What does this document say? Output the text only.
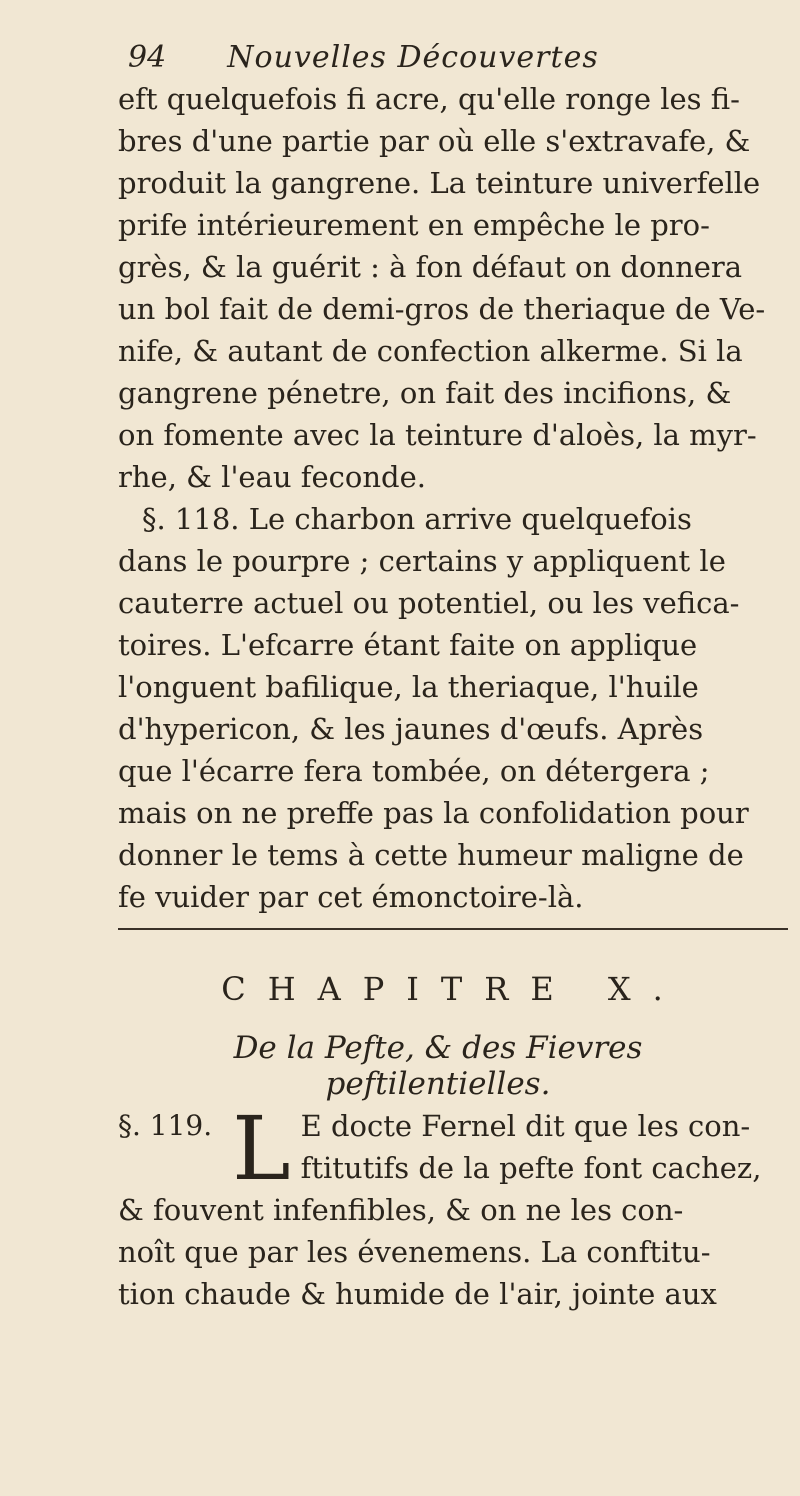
94	Nouvelles Découvertes
eft quelquefois fi acre, qu'elle ronge les fi-
bres d'une partie par où elle s'extravafe, &
produit la gangrene. La teinture univerfelle
prife intérieurement en empêche le pro-
grès, & la guérit : à fon défaut on donnera
un bol fait de demi-gros de theriaque de Ve-
nife, & autant de confection alkerme. Si la
gangrene pénetre, on fait des incifions, &
on fomente avec la teinture d'aloès, la myr-
rhe, & l'eau feconde.
§. 118. Le charbon arrive quelquefois
dans le pourpre ; certains y appliquent le
cauterre actuel ou potentiel, ou les vefica-
toires. L'efcarre étant faite on applique
l'onguent bafilique, la theriaque, l'huile
d'hypericon, & les jaunes d'œufs. Après
que l'écarre fera tombée, on détergera ;
mais on ne preffe pas la confolidation pour
donner le tems à cette humeur maligne de
fe vuider par cet émonctoire-là.
CHAPITRE X.
De la Pefte, & des Fievres peftilentielles.
§. 119. L E docte Fernel dit que les con-
ftitutifs de la pefte font cachez,
& fouvent infenfibles, & on ne les con-
noît que par les évenemens. La conftitu-
tion chaude & humide de l'air, jointe aux
